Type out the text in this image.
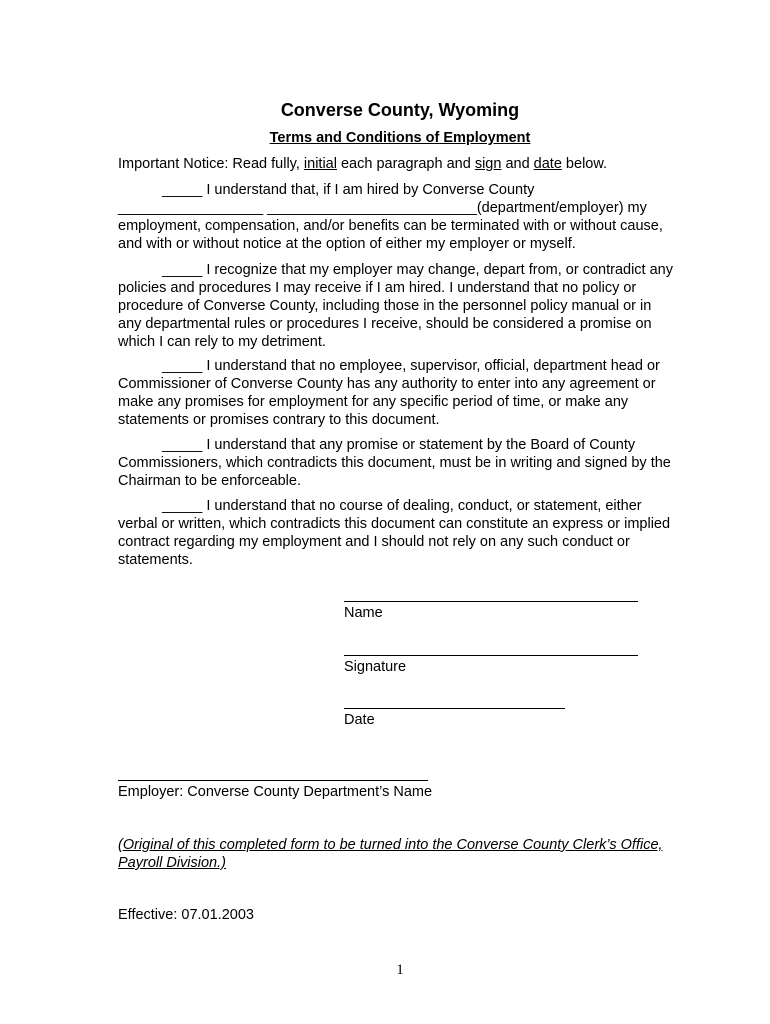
Converse County, Wyoming
Terms and Conditions of Employment
Important Notice: Read fully, initial each paragraph and sign and date below.
_____ I understand that, if I am hired by Converse County
__________________ __________________________(department/employer) my
employment, compensation, and/or benefits can be terminated with or without cause,
and with or without notice at the option of either my employer or myself.
_____ I recognize that my employer may change, depart from, or contradict any
policies and procedures I may receive if I am hired. I understand that no policy or
procedure of Converse County, including those in the personnel policy manual or in
any departmental rules or procedures I receive, should be considered a promise on
which I can rely to my detriment.
_____ I understand that no employee, supervisor, official, department head or
Commissioner of Converse County has any authority to enter into any agreement or
make any promises for employment for any specific period of time, or make any
statements or promises contrary to this document.
_____ I understand that any promise or statement by the Board of County
Commissioners, which contradicts this document, must be in writing and signed by the
Chairman to be enforceable.
_____ I understand that no course of dealing, conduct, or statement, either
verbal or written, which contradicts this document can constitute an express or implied
contract regarding my employment and I should not rely on any such conduct or
statements.
Name
Signature
Date
Employer: Converse County Department’s Name
(Original of this completed form to be turned into the Converse County Clerk’s Office, Payroll Division.)
Effective: 07.01.2003
1
